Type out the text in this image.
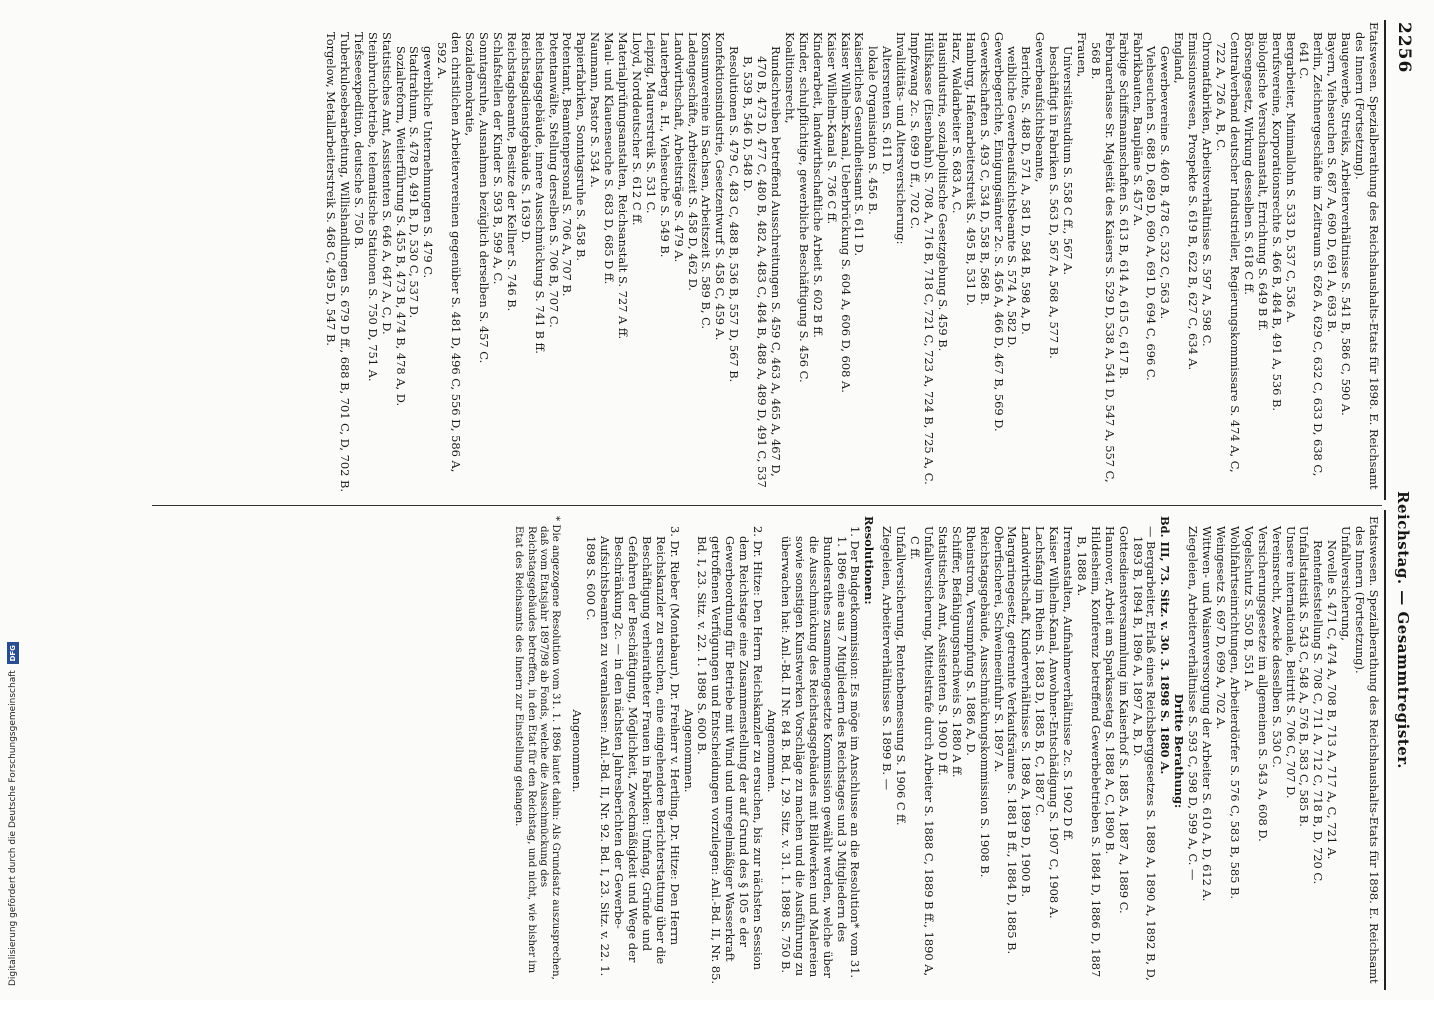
2256
Reichstag. — Gesammtregister.

Etatswesen. Spezialberathung des Reichshaushalts-Etats für 1898. E. Reichsamt des Innern (Fortsetzung).

Baugewerbe, Streiks, Arbeiterverhältnisse S. 541 B, 586 C, 590 A.

Bayern, Viehseuchen S. 687 A, 690 D, 691 A, 693 B.

Berlin, Zeichnergeschäfte im Zeitraum S. 626 A, 629 C, 632 C, 633 D, 638 C, 641 C.

Bergarbeiter, Minimallohn S. 533 D, 537 C, 536 A.

Berufsvereine, Korporationsrechte S. 466 B, 484 B, 491 A, 536 B.

Biologische Versuchsanstalt, Errichtung S. 649 B ff.

Börsengesetz, Wirkung desselben S. 618 C ff.

Centralverband deutscher Industrieller, Regierungskommissare S. 474 A, C, 722 A, 726 A, B, C.

Chromatfabriken, Arbeitsverhältnisse S. 597 A, 598 C.

Emissionswesen, Prospekte S. 619 B, 622 B, 627 C, 634 A.

England,

Gewerbevereine S. 460 B, 478 C, 532 C, 563 A.

Viehseuchen S. 688 D, 689 D, 690 A, 691 D, 694 C, 696 C.

Fabrikbauten, Baupläne S. 457 A.

Farbige Schiffsmannschaften S. 613 B, 614 A, 615 C, 617 B.

Februarerlasse Sr. Majestät des Kaisers S. 529 D, 538 A, 541 D, 547 A, 557 C, 568 B.

Frauen,

Universitätsstudium S. 558 C ff., 567 A.

beschäftigt in Fabriken S. 563 D, 567 A, 568 A, 577 B.

Gewerbeaufsichtsbeamte,

Berichte, S. 488 D, 571 A, 581 D, 584 B, 598 A, D.

weibliche Gewerbeaufsichtsbeamte S. 574 A, 582 D.

Gewerbegerichte, Einigungsämter 2c. S. 456 A, 466 D, 467 B, 569 D.

Gewerkschaften S. 493 C, 534 D, 558 B, 568 B.

Hamburg, Hafenarbeiterstreik S. 495 B, 531 D.

Harz, Waldarbeiter S. 683 A, C.

Hausindustrie, sozialpolitische Gesetzgebung S. 459 B.

Hülfskasse (Eisenbahn) S. 708 A, 716 B, 718 C, 721 C, 723 A, 724 B, 725 A, C.

Impfzwang 2c. S. 699 D ff., 702 C.

Invaliditäts- und Altersversicherung:

Altersrenten S. 611 D.

lokale Organisation S. 456 B.

Kaiserliches Gesundheitsamt S. 611 D.

Kaiser Wilhelm-Kanal, Ueberbrückung S. 604 A, 606 D, 608 A.

Kaiser Wilhelm-Kanal S. 736 C ff.

Kinderarbeit, landwirthschaftliche Arbeit S. 602 B ff.

Kinder, schulpflichtige, gewerbliche Beschäftigung S. 456 C.

Koalitionsrecht,

Rundschreiben betreffend Ausschreitungen S. 459 C, 463 A, 465 A, 467 D, 470 B, 473 D, 477 C, 480 B, 482 A, 483 C, 484 B, 488 A, 489 D, 491 C, 537 B, 539 B, 546 D, 548 D.

Resolutionen S. 479 C, 483 C, 488 B, 536 B, 557 D, 567 B.

Konfektionsindustrie, Gesetzentwurf S. 458 C, 459 A.

Konsumvereine in Sachsen, Arbeitszeit S. 589 B, C.

Ladengeschäfte, Arbeitszeit S. 458 D, 462 D.

Landwirthschaft, Arbeitsträge S. 479 A.

Lauterberg a. H., Viehseuche S. 549 B.

Leipzig, Maurerstreik S. 531 C.

Lloyd, Norddeutscher S. 612 C ff.

Materialprüfungsanstalten, Reichsanstalt S. 727 A ff.

Maul- und Klauenseuche S. 683 D, 685 D ff.

Naumann, Pastor S. 534 A.

Papierfabriken, Sonntagsruhe S. 458 B.

Potentamt, Beamtenpersonal S. 706 A, 707 B.

Potentanwälte, Stellung derselben S. 706 B, 707 C.

Reichstagsgebäude, innere Ausschmückung S. 741 B ff.

Reichstagsdienstgebäude S. 1639 D.

Reichstagsbeamte, Besitze der Kellner S. 746 B.

Schlafstellen der Kinder S. 593 B, 599 A, C.

Sonntagsruhe, Ausnahmen bezüglich derselben S. 457 C.

Sozialdemokratie,

den christlichen Arbeitervereinen gegenüber S. 481 D, 496 C, 556 D, 586 A, 592 A.

gewerbliche Unternehmungen S. 479 C.

Stadtrathum, S. 478 D, 491 B, D, 530 C, 537 D.

Sozialreform, Weiterführung S. 455 B, 473 B, 474 B, 478 A, D.

Statistisches Amt, Assistenten S. 646 A, 647 A, C, D.

Steinbruchbetriebe, telematische Stationen S. 750 D, 751 A.

Tiefseeexpedition, deutsche S. 750 B.

Tuberkulosebearbeitung, Willishandlungen S. 679 D ff., 688 B, 701 C, D, 702 B.

Torgelow, Metallarbeiterstreik S. 468 C, 495 D, 547 B.

Etatswesen. Spezialberathung des Reichshaushalts-Etats für 1898. E. Reichsamt des Innern (Fortsetzung).

Unfallversicherung,

Novelle S. 471 C, 474 A, 708 B, 713 A, 717 A, C, 721 A.

Rentenfeststellung S. 708 C, 711 A, 712 C, 718 B, D, 720 C.

Unfallstatistik S. 543 C, 548 A, 576 B, 583 C, 585 B.

Unsere internationale, Beitritt S. 706 C, 707 D.

Vereinsrecht, Zwecke desselben S. 530 C.

Versicherungsgesetze im allgemeinen S. 543 A, 608 D.

Vogelschutz S. 550 B, 551 A.

Wohlfahrtseinrichtungen, Arbeiterdörfer S. 576 C, 583 B, 585 B.

Weingesetz S. 697 D, 699 A, 702 A.

Wittwen- und Waisenversorgung der Arbeiter S. 610 A, D, 612 A.

Ziegeleien, Arbeiterverhältnisse S. 593 C, 598 D, 599 A, C. —

Dritte Berathung:

Bd. III, 73. Sitz. v. 30. 3. 1898 S. 1880 A.

— Bergarbeiter, Erlaß eines Reichsberggesetzes S. 1889 A, 1890 A, 1892 B, D, 1893 B, 1894 B, 1896 A, 1897 A, B, D.

Gottesdienstversammlung im Kaiserhof S. 1885 A, 1887 A, 1889 C.

Hannover, Arbeit am Sparkassetag S. 1888 A, C, 1890 B.

Hildesheim, Konferenz betreffend Gewerbebetrieben S. 1884 D, 1886 D, 1887 B, 1888 A.

Irrenanstalten, Aufnahmeverhältnisse 2c. S. 1902 D ff.

Kaiser Wilhelm-Kanal, Anwohner-Entschädigung S. 1907 C, 1908 A.

Lachsfang im Rhein S. 1883 D, 1885 B, C, 1887 C.

Landwirthschaft, Kinderverhältnisse S. 1898 A, 1899 D, 1900 B.

Margarinegesetz, getrennte Verkaufsräume S. 1881 B ff., 1884 D, 1885 B.

Oberfischerei, Schweineeinfuhr S. 1897 A.

Reichstagsgebäude, Ausschmückungskommission S. 1908 B.

Rheinstrom, Versumpfung S. 1886 A, D.

Schiffer, Befähigungsnachweis S. 1880 A ff.

Statistisches Amt, Assistenten S. 1900 D ff.

Unfallversicherung, Mittelstrafe durch Arbeiter S. 1888 C, 1889 B ff., 1890 A, C ff.

Unfallversicherung, Rentenbemessung S. 1906 C ff.

Ziegeleien, Arbeiterverhältnisse S. 1899 B. —

Resolutionen:

1. Der Budgetkommission: Es möge im Anschlusse an die Resolution* vom 31. 1. 1896 eine aus 7 Mitgliedern des Reichstages und 3 Mitgliedern des Bundesrathes zusammengesetzte Kommission gewählt werden, welche über die Ausschmückung des Reichstagsgebäudes mit Bildwerken und Malereien sowie sonstigen Kunstwerken Vorschläge zu machen und die Ausführung zu überwachen hat: Anl.-Bd. II Nr. 84 B. Bd. I, 29. Sitz. v. 31. 1. 1898 S. 750 B.

Angenommen.

2. Dr. Hitze: Den Herrn Reichskanzler zu ersuchen, bis zur nächsten Session dem Reichstage eine Zusammenstellung der auf Grund des § 105 e der Gewerbeordnung für Betriebe mit Wind und unregelmäßiger Wasserkraft getroffenen Verfügungen und Entscheidungen vorzulegen: Anl.-Bd. II, Nr. 85. Bd. I, 23. Sitz. v. 22. 1. 1898 S. 600 B.

Angenommen.

3. Dr. Rieber (Montabaur), Dr. Freiherr v. Hertling, Dr. Hitze: Den Herrn Reichskanzler zu ersuchen, eine eingehendere Berichterstattung über die Beschäftigung verheiratheter Frauen in Fabriken: Umfang, Gründe und Gefahren der Beschäftigung, Möglichkeit, Zweckmäßigkeit und Wege der Beschränkung 2c. — in den nächsten Jahresberichten der Gewerbe-Aufsichtsbeamten zu veranlassen: Anl.-Bd. II, Nr. 92. Bd. I, 23. Sitz. v. 22. 1. 1898 S. 600 C.

Angenommen.

* Die angezogene Resolution vom 31. 1. 1896 lautet dahin: Als Grundsatz auszusprechen, daß vom Etatsjahr 1897/98 ab Fonds, welche die Ausschmückung des Reichstagsgebäudes betreffen, in den Etat für den Reichstag, und nicht, wie bisher im Etat des Reichsamts des Innern zur Einstellung gelangen.

Digitalisierung gefördert durch die Deutsche Forschungsgemeinschaft
DFG
